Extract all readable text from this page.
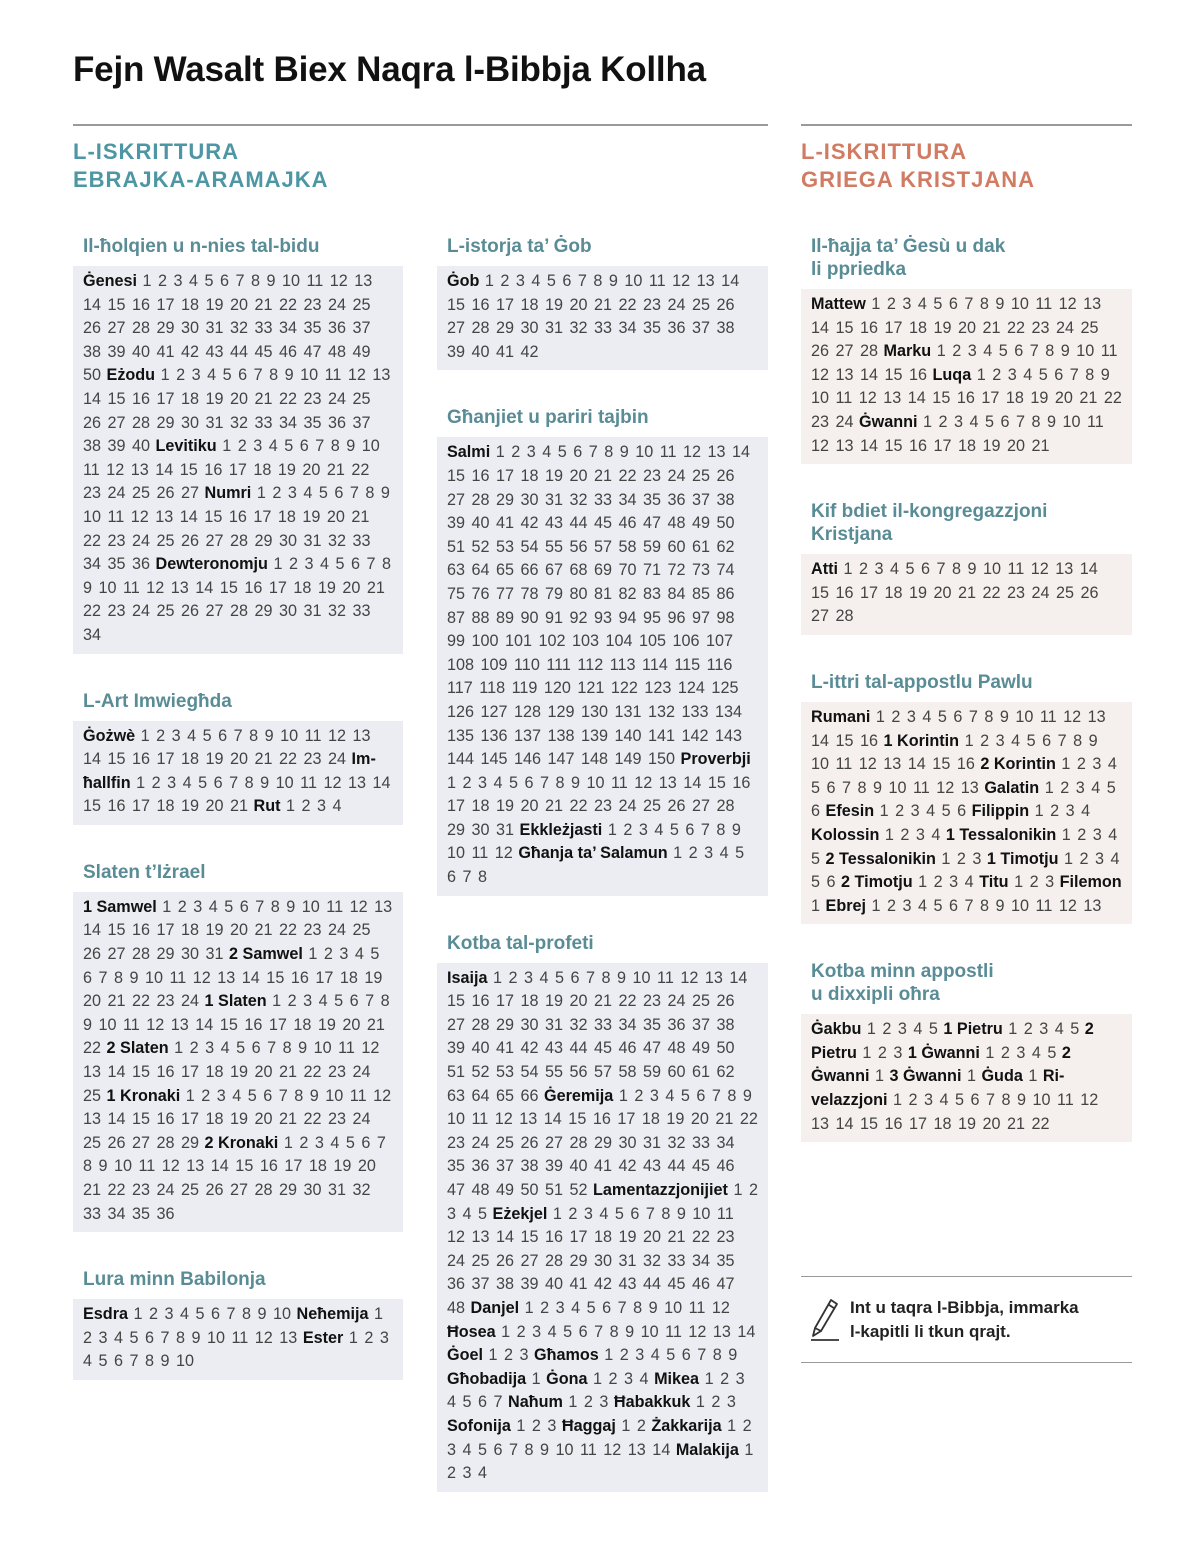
Fejn Wasalt Biex Naqra l-Bibbja Kollha
L-ISKRITTURA
EBRAJKA-ARAMAJKA
L-ISKRITTURA
GRIEGA KRISTJANA
Il-ħolqien u n-nies tal-bidu
Ġenesi 1 2 3 4 5 6 7 8 9 10 11 12 13 14 15 16 17 18 19 20 21 22 23 24 25 26 27 28 29 30 31 32 33 34 35 36 37 38 39 40 41 42 43 44 45 46 47 48 49 50 Eżodu 1 2 3 4 5 6 7 8 9 10 11 12 13 14 15 16 17 18 19 20 21 22 23 24 25 26 27 28 29 30 31 32 33 34 35 36 37 38 39 40 Levitiku 1 2 3 4 5 6 7 8 9 10 11 12 13 14 15 16 17 18 19 20 21 22 23 24 25 26 27 Numri 1 2 3 4 5 6 7 8 9 10 11 12 13 14 15 16 17 18 19 20 21 22 23 24 25 26 27 28 29 30 31 32 33 34 35 36 Dewteronomju 1 2 3 4 5 6 7 8 9 10 11 12 13 14 15 16 17 18 19 20 21 22 23 24 25 26 27 28 29 30 31 32 33 34
L-Art Imwiegħda
Ġożwè 1 2 3 4 5 6 7 8 9 10 11 12 13 14 15 16 17 18 19 20 21 22 23 24 Imħallfin 1 2 3 4 5 6 7 8 9 10 11 12 13 14 15 16 17 18 19 20 21 Rut 1 2 3 4
Slaten t’Iżrael
1 Samwel 1 2 3 4 5 6 7 8 9 10 11 12 13 14 15 16 17 18 19 20 21 22 23 24 25 26 27 28 29 30 31 2 Samwel 1 2 3 4 5 6 7 8 9 10 11 12 13 14 15 16 17 18 19 20 21 22 23 24 1 Slaten 1 2 3 4 5 6 7 8 9 10 11 12 13 14 15 16 17 18 19 20 21 22 2 Slaten 1 2 3 4 5 6 7 8 9 10 11 12 13 14 15 16 17 18 19 20 21 22 23 24 25 1 Kronaki 1 2 3 4 5 6 7 8 9 10 11 12 13 14 15 16 17 18 19 20 21 22 23 24 25 26 27 28 29 2 Kronaki 1 2 3 4 5 6 7 8 9 10 11 12 13 14 15 16 17 18 19 20 21 22 23 24 25 26 27 28 29 30 31 32 33 34 35 36
Lura minn Babilonja
Esdra 1 2 3 4 5 6 7 8 9 10 Neħemija 1 2 3 4 5 6 7 8 9 10 11 12 13 Ester 1 2 3 4 5 6 7 8 9 10
L-istorja ta’ Ġob
Ġob 1 2 3 4 5 6 7 8 9 10 11 12 13 14 15 16 17 18 19 20 21 22 23 24 25 26 27 28 29 30 31 32 33 34 35 36 37 38 39 40 41 42
Għanjiet u pariri tajbin
Salmi 1 2 3 4 5 6 7 8 9 10 11 12 13 14 15 16 17 18 19 20 21 22 23 24 25 26 27 28 29 30 31 32 33 34 35 36 37 38 39 40 41 42 43 44 45 46 47 48 49 50 51 52 53 54 55 56 57 58 59 60 61 62 63 64 65 66 67 68 69 70 71 72 73 74 75 76 77 78 79 80 81 82 83 84 85 86 87 88 89 90 91 92 93 94 95 96 97 98 99 100 101 102 103 104 105 106 107 108 109 110 111 112 113 114 115 116 117 118 119 120 121 122 123 124 125 126 127 128 129 130 131 132 133 134 135 136 137 138 139 140 141 142 143 144 145 146 147 148 149 150 Proverbji 1 2 3 4 5 6 7 8 9 10 11 12 13 14 15 16 17 18 19 20 21 22 23 24 25 26 27 28 29 30 31 Ekkleżjasti 1 2 3 4 5 6 7 8 9 10 11 12 Għanja ta’ Salamun 1 2 3 4 5 6 7 8
Kotba tal-profeti
Isaija 1 2 3 4 5 6 7 8 9 10 11 12 13 14 15 16 17 18 19 20 21 22 23 24 25 26 27 28 29 30 31 32 33 34 35 36 37 38 39 40 41 42 43 44 45 46 47 48 49 50 51 52 53 54 55 56 57 58 59 60 61 62 63 64 65 66 Ġeremija 1 2 3 4 5 6 7 8 9 10 11 12 13 14 15 16 17 18 19 20 21 22 23 24 25 26 27 28 29 30 31 32 33 34 35 36 37 38 39 40 41 42 43 44 45 46 47 48 49 50 51 52 Lamentazzjonijiet 1 2 3 4 5 Eżekjel 1 2 3 4 5 6 7 8 9 10 11 12 13 14 15 16 17 18 19 20 21 22 23 24 25 26 27 28 29 30 31 32 33 34 35 36 37 38 39 40 41 42 43 44 45 46 47 48 Danjel 1 2 3 4 5 6 7 8 9 10 11 12 Ħosea 1 2 3 4 5 6 7 8 9 10 11 12 13 14 Ġoel 1 2 3 Għamos 1 2 3 4 5 6 7 8 9 Għobadija 1 Ġona 1 2 3 4 Mikea 1 2 3 4 5 6 7 Naħum 1 2 3 Ħabakkuk 1 2 3 Sofonija 1 2 3 Ħaggaj 1 2 Żakkarija 1 2 3 4 5 6 7 8 9 10 11 12 13 14 Malakija 1 2 3 4
Il-ħajja ta’ Ġesù u dak
li ppriedka
Mattew 1 2 3 4 5 6 7 8 9 10 11 12 13 14 15 16 17 18 19 20 21 22 23 24 25 26 27 28 Marku 1 2 3 4 5 6 7 8 9 10 11 12 13 14 15 16 Luqa 1 2 3 4 5 6 7 8 9 10 11 12 13 14 15 16 17 18 19 20 21 22 23 24 Ġwanni 1 2 3 4 5 6 7 8 9 10 11 12 13 14 15 16 17 18 19 20 21
Kif bdiet il-kongregazzjoni
Kristjana
Atti 1 2 3 4 5 6 7 8 9 10 11 12 13 14 15 16 17 18 19 20 21 22 23 24 25 26 27 28
L-ittri tal-appostlu Pawlu
Rumani 1 2 3 4 5 6 7 8 9 10 11 12 13 14 15 16 1 Korintin 1 2 3 4 5 6 7 8 9 10 11 12 13 14 15 16 2 Korintin 1 2 3 4 5 6 7 8 9 10 11 12 13 Galatin 1 2 3 4 5 6 Efesin 1 2 3 4 5 6 Filippin 1 2 3 4 Kolossin 1 2 3 4 1 Tessalonikin 1 2 3 4 5 2 Tessalonikin 1 2 3 1 Timotju 1 2 3 4 5 6 2 Timotju 1 2 3 4 Titu 1 2 3 Filemon 1 Ebrej 1 2 3 4 5 6 7 8 9 10 11 12 13
Kotba minn appostli
u dixxipli oħra
Ġakbu 1 2 3 4 5 1 Pietru 1 2 3 4 5 2 Pietru 1 2 3 1 Ġwanni 1 2 3 4 5 2 Ġwanni 1 3 Ġwanni 1 Ġuda 1 Rivelazzjoni 1 2 3 4 5 6 7 8 9 10 11 12 13 14 15 16 17 18 19 20 21 22
Int u taqra l-Bibbja, immarka
l-kapitli li tkun qrajt.
